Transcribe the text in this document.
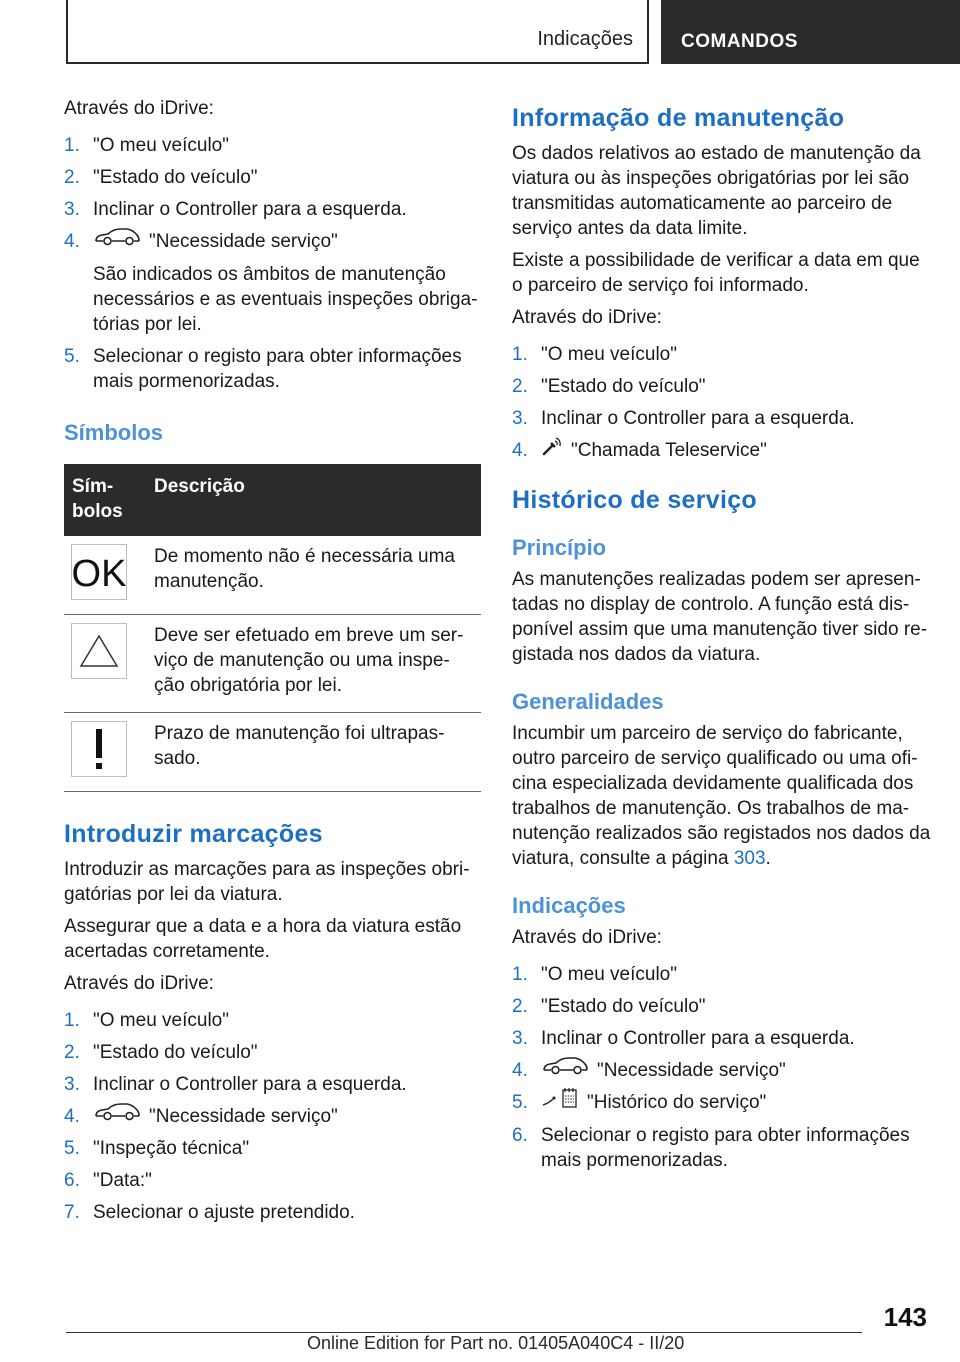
Indicações	COMANDOS

Através do iDrive:

1. "O meu veículo"
2. "Estado do veículo"
3. Inclinar o Controller para a esquerda.
4.	"Necessidade serviço"
São indicados os âmbitos de manutenção necessários e as eventuais inspeções obriga‐tórias por lei.
5. Selecionar o registo para obter informações mais pormenorizadas.
Símbolos
Sím‐bolos	Descrição

OK	De momento não é necessária uma manutenção.

	Deve ser efetuado em breve um ser‐viço de manutenção ou uma inspe‐ção obrigatória por lei.

	Prazo de manutenção foi ultrapas‐sado.
Introduzir marcações

Introduzir as marcações para as inspeções obri‐gatórias por lei da viatura.

Assegurar que a data e a hora da viatura estão acertadas corretamente.

Através do iDrive:

1. "O meu veículo"
2. "Estado do veículo"
3. Inclinar o Controller para a esquerda.
4.	"Necessidade serviço"
5. "Inspeção técnica"
6. "Data:"
7. Selecionar o ajuste pretendido.
Informação de manutenção

Os dados relativos ao estado de manutenção da viatura ou às inspeções obrigatórias por lei são transmitidas automaticamente ao parceiro de serviço antes da data limite.

Existe a possibilidade de verificar a data em que o parceiro de serviço foi informado.

Através do iDrive:

1. "O meu veículo"
2. "Estado do veículo"
3. Inclinar o Controller para a esquerda.
4. "Chamada Teleservice"
Histórico de serviço
Princípio

As manutenções realizadas podem ser apresen‐tadas no display de controlo. A função está dis‐ponível assim que uma manutenção tiver sido re‐gistada nos dados da viatura.

Generalidades

Incumbir um parceiro de serviço do fabricante, outro parceiro de serviço qualificado ou uma ofi‐cina especializada devidamente qualificada dos trabalhos de manutenção. Os trabalhos de ma‐nutenção realizados são registados nos dados da viatura, consulte a página 303.

Indicações

Através do iDrive:

1. "O meu veículo"
2. "Estado do veículo"
3. Inclinar o Controller para a esquerda.
4.	"Necessidade serviço"
5.	"Histórico do serviço"
6. Selecionar o registo para obter informações mais pormenorizadas.
143
Online Edition for Part no. 01405A040C4 - II/20
